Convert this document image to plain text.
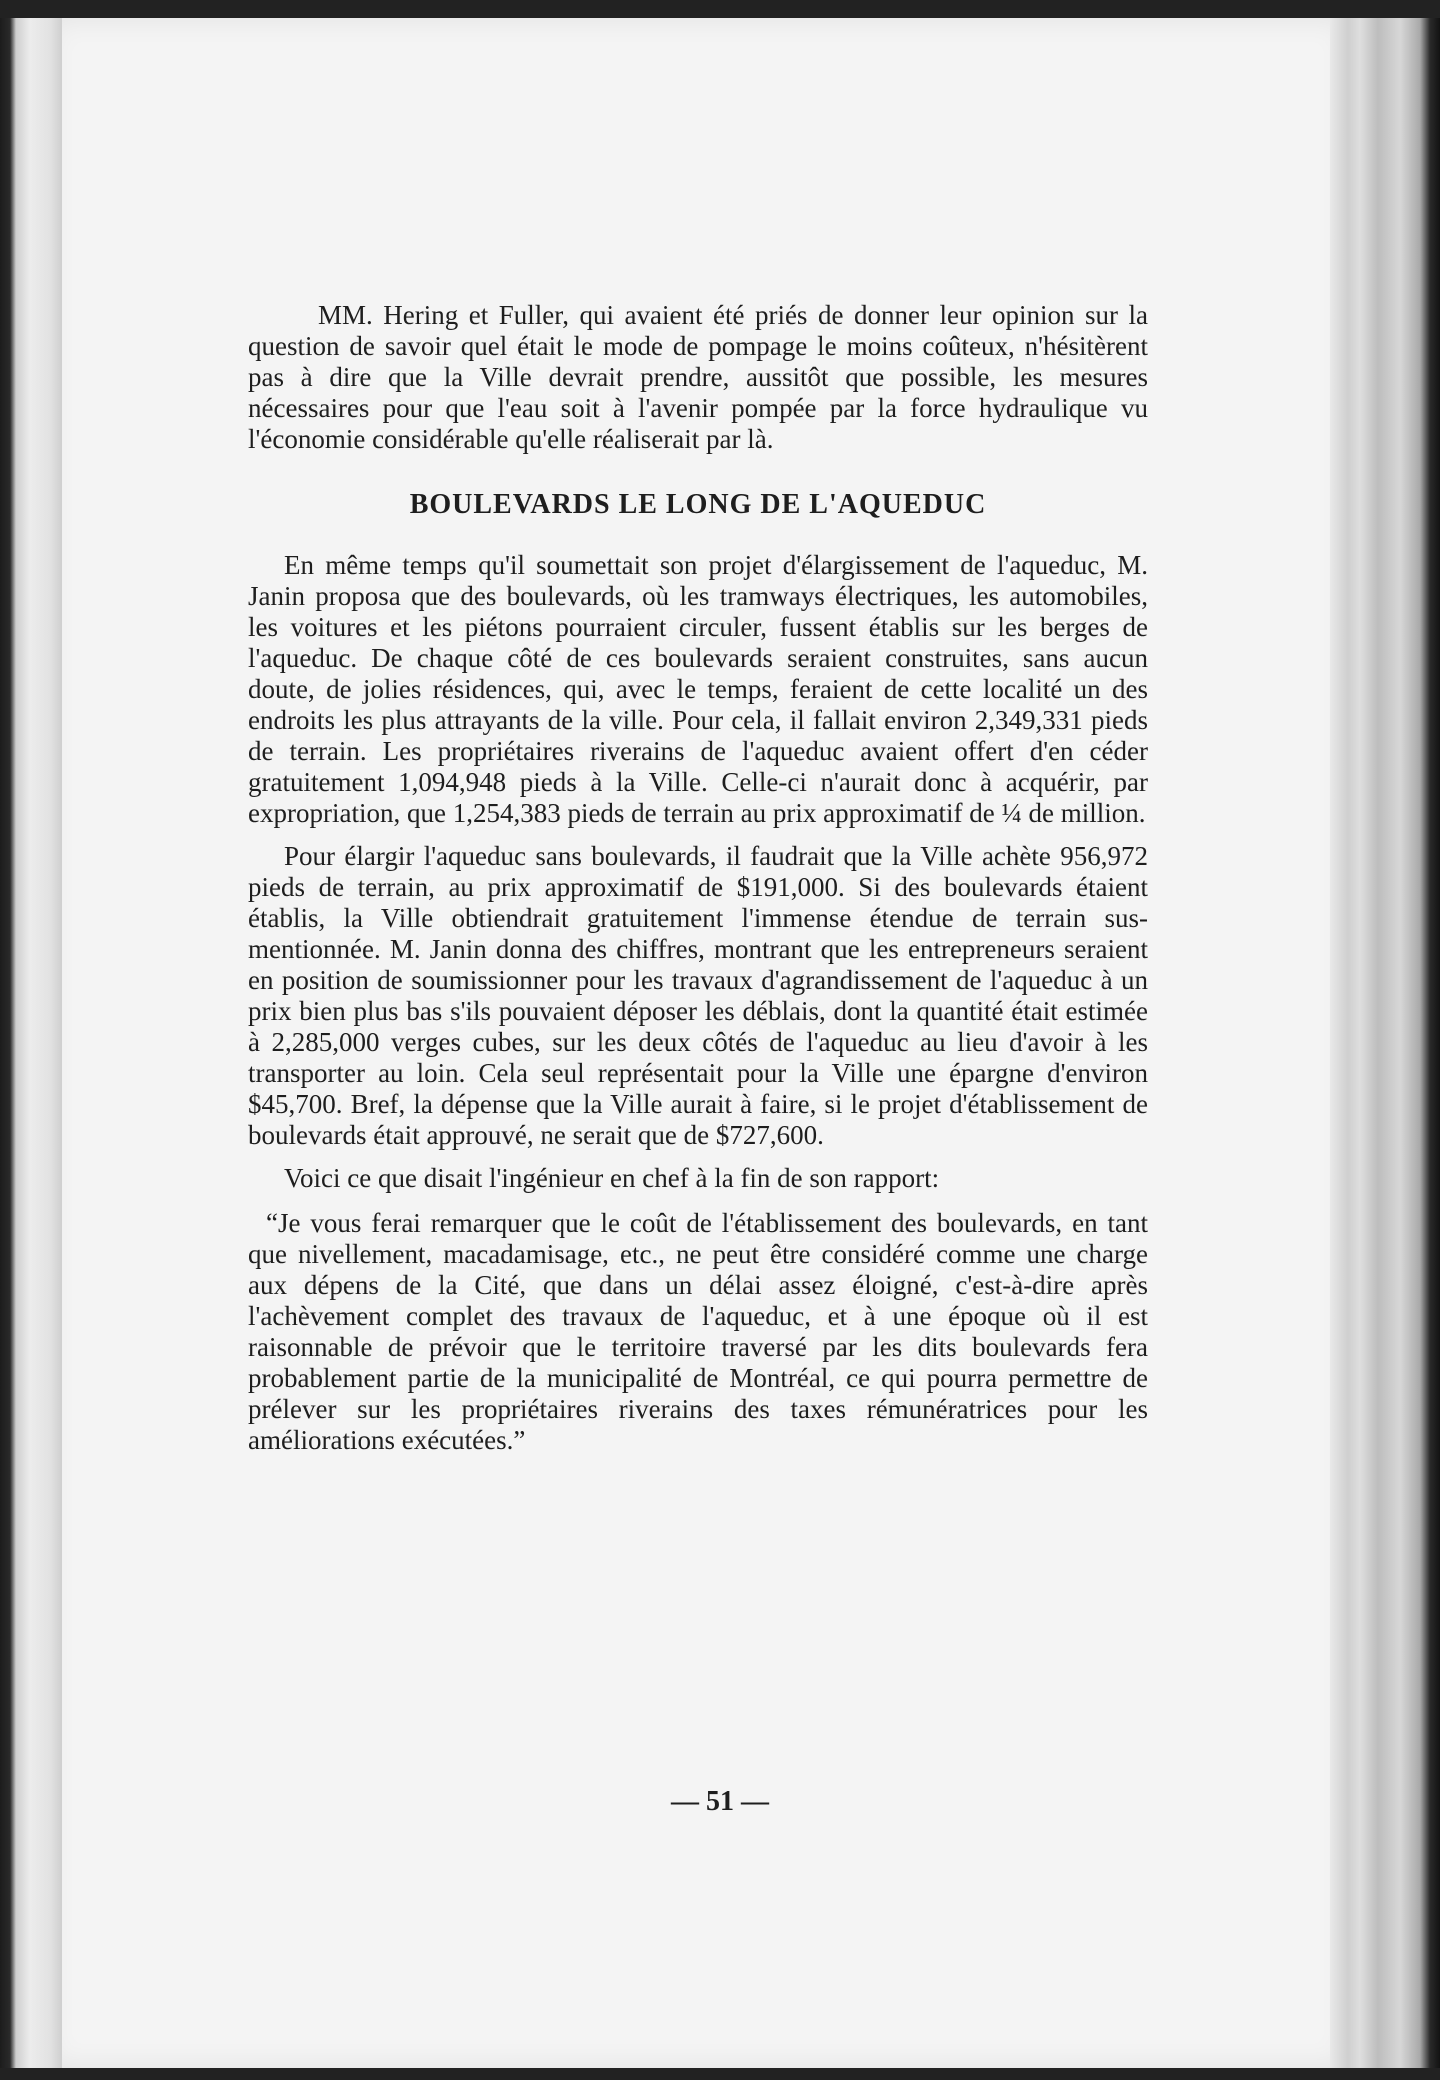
MM. Hering et Fuller, qui avaient été priés de donner leur opinion sur la question de savoir quel était le mode de pompage le moins coûteux, n'hésitèrent pas à dire que la Ville devrait prendre, aussitôt que possible, les mesures nécessaires pour que l'eau soit à l'avenir pompée par la force hydraulique vu l'économie considérable qu'elle réaliserait par là.

BOULEVARDS LE LONG DE L'AQUEDUC

En même temps qu'il soumettait son projet d'élargissement de l'aqueduc, M. Janin proposa que des boulevards, où les tramways électriques, les automobiles, les voitures et les piétons pourraient circuler, fussent établis sur les berges de l'aqueduc. De chaque côté de ces boulevards seraient construites, sans aucun doute, de jolies résidences, qui, avec le temps, feraient de cette localité un des endroits les plus attrayants de la ville. Pour cela, il fallait environ 2,349,331 pieds de terrain. Les propriétaires riverains de l'aqueduc avaient offert d'en céder gratuitement 1,094,948 pieds à la Ville. Celle-ci n'aurait donc à acquérir, par expropriation, que 1,254,383 pieds de terrain au prix approximatif de ¼ de million.

Pour élargir l'aqueduc sans boulevards, il faudrait que la Ville achète 956,972 pieds de terrain, au prix approximatif de $191,000. Si des boulevards étaient établis, la Ville obtiendrait gratuitement l'immense étendue de terrain sus-mentionnée. M. Janin donna des chiffres, montrant que les entrepreneurs seraient en position de soumissionner pour les travaux d'agrandissement de l'aqueduc à un prix bien plus bas s'ils pouvaient déposer les déblais, dont la quantité était estimée à 2,285,000 verges cubes, sur les deux côtés de l'aqueduc au lieu d'avoir à les transporter au loin. Cela seul représentait pour la Ville une épargne d'environ $45,700. Bref, la dépense que la Ville aurait à faire, si le projet d'établissement de boulevards était approuvé, ne serait que de $727,600.

Voici ce que disait l'ingénieur en chef à la fin de son rapport:

“Je vous ferai remarquer que le coût de l'établissement des boulevards, en tant que nivellement, macadamisage, etc., ne peut être considéré comme une charge aux dépens de la Cité, que dans un délai assez éloigné, c'est-à-dire après l'achèvement complet des travaux de l'aqueduc, et à une époque où il est raisonnable de prévoir que le territoire traversé par les dits boulevards fera probablement partie de la municipalité de Montréal, ce qui pourra permettre de prélever sur les propriétaires riverains des taxes rémunératrices pour les améliorations exécutées.”

— 51 —
